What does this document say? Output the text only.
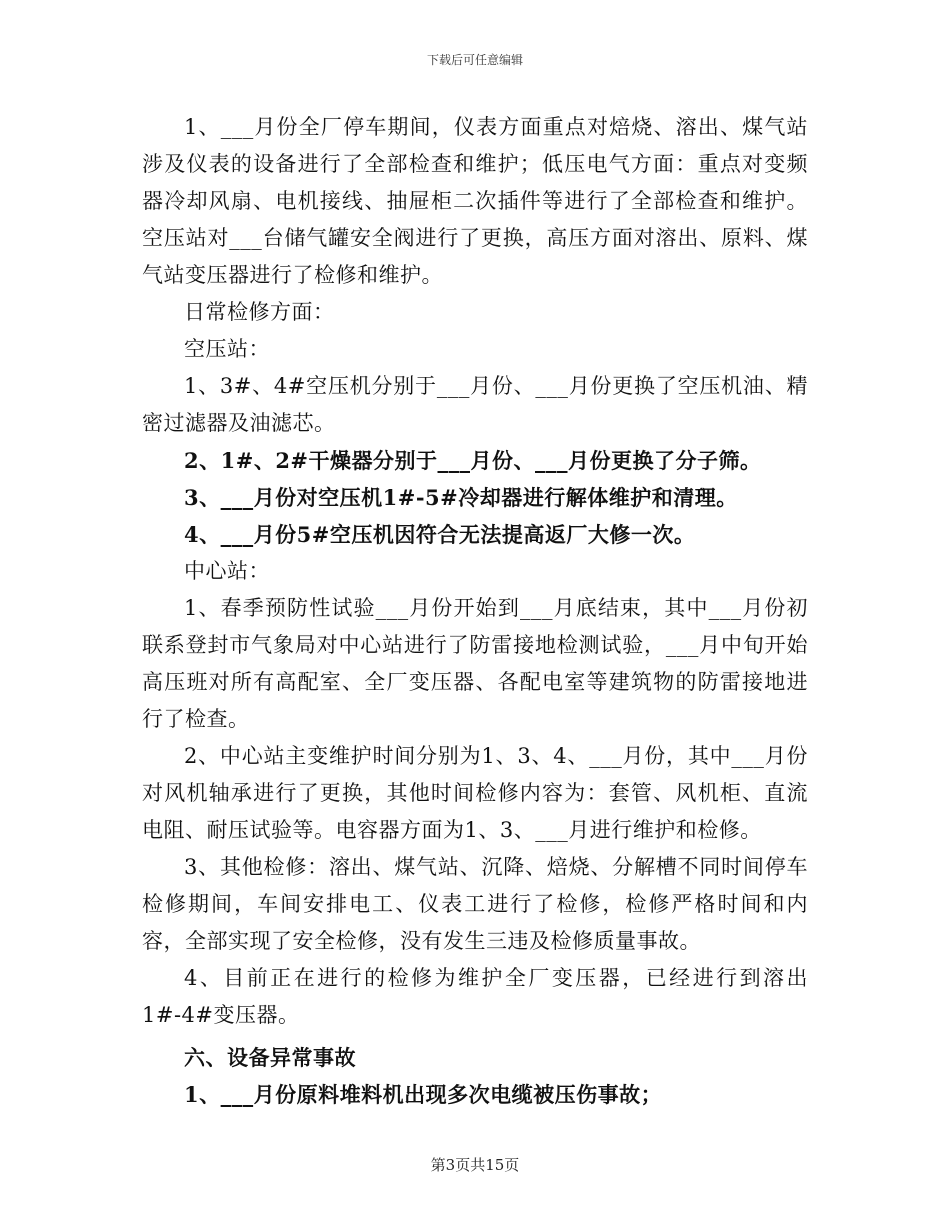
下载后可任意编辑

1、___月份全厂停车期间，仪表方面重点对焙烧、溶出、煤气站涉及仪表的设备进行了全部检查和维护；低压电气方面：重点对变频器冷却风扇、电机接线、抽屉柜二次插件等进行了全部检查和维护。空压站对___台储气罐安全阀进行了更换，高压方面对溶出、原料、煤气站变压器进行了检修和维护。

日常检修方面：

空压站：

1、3#、4#空压机分别于___月份、___月份更换了空压机油、精密过滤器及油滤芯。

2、1#、2#干燥器分别于___月份、___月份更换了分子筛。

3、___月份对空压机1#-5#冷却器进行解体维护和清理。

4、___月份5#空压机因符合无法提高返厂大修一次。

中心站：

1、春季预防性试验___月份开始到___月底结束，其中___月份初联系登封市气象局对中心站进行了防雷接地检测试验，___月中旬开始高压班对所有高配室、全厂变压器、各配电室等建筑物的防雷接地进行了检查。

2、中心站主变维护时间分别为1、3、4、___月份，其中___月份对风机轴承进行了更换，其他时间检修内容为：套管、风机柜、直流电阻、耐压试验等。电容器方面为1、3、___月进行维护和检修。

3、其他检修：溶出、煤气站、沉降、焙烧、分解槽不同时间停车检修期间，车间安排电工、仪表工进行了检修，检修严格时间和内容，全部实现了安全检修，没有发生三违及检修质量事故。

4、目前正在进行的检修为维护全厂变压器，已经进行到溶出1#-4#变压器。

六、设备异常事故

1、___月份原料堆料机出现多次电缆被压伤事故；

第3页共15页
